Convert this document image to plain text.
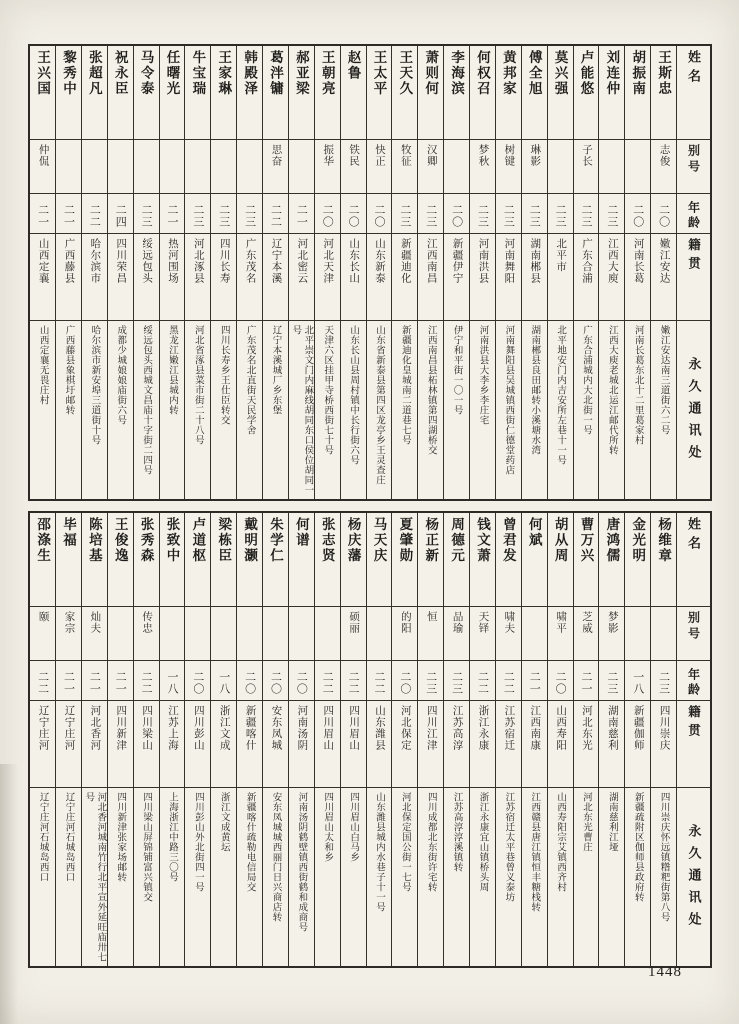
姓名
别号
年龄
籍贯
永久通讯处
王斯忠
志俊
二〇
嫩江安达
嫩江安达南三道街六二号
胡振南
二〇
河南长葛
河南长葛东北十二里葛家村
刘连仲
二三
江西大庾
江西大庾老城北运江邮代所转
卢能悠
子长
二三
广东合浦
广东合浦城内大北街一号
莫兴强
二三
北平市
北平地安门内吉安所左巷十一号
傅全旭
琳影
二三
湖南郴县
湖南郴县良田邮转小溪塘水湾
黄邦家
树键
二三
河南舞阳
河南舞阳县吴城镇西街仁德堂药店
何权召
梦秋
二三
河南洪县
河南洪县大李乡李庄宅
李海滨
二〇
新疆伊宁
伊宁和平街一〇一号
萧则何
汉卿
二三
江西南昌
江西南昌县柘林镇第四湖桥交
王天久
牧征
二三
新疆迪化
新疆迪化皇城南二道巷七号
王太平
快正
二〇
山东新泰
山东省新泰县第四区龙亭乡王灵查庄
赵鲁
铁民
二〇
山东长山
山东长山县周村镇中长行街六号
王朝亮
振华
二〇
河北天津
天津六区挂甲寺桥西街七十号
郝亚梁
二一
河北密云
北平崇文门内麻线胡同东口侯位胡同一号
葛泮镛
思奋
二二
辽宁本溪
辽宁本溪城厂乡东堡
韩殿泽
二三
广东茂名
广东茂名北直街天民学舍
王家琳
二三
四川长寿
四川长寿乡王仕臣转交
牛宝瑞
二三
河北涿县
河北省涿县菜市街二十八号
任曙光
二一
热河围场
黑龙江嫩江县城内转
马令泰
二三
绥远包头
绥远包头西城文昌庙十字街二四号
祝永臣
二四
四川荣昌
成都少城娘娘庙街六号
张超凡
二二
哈尔滨市
哈尔滨市新安埠三道街十号
黎秀中
二一
广西藤县
广西藤县象棋圩邮转
王兴国
仲侃
二一
山西定襄
山西定襄无畏庄村
姓名
别号
年龄
籍贯
永久通讯处
杨维章
二三
四川崇庆
四川崇庆怀远镇糌粑街第八号
金光明
一八
新疆伽师
新疆疏附区伽师县政府转
唐鸿儒
梦影
二三
湖南慈利
湖南慈利江垭
曹万兴
芝威
二一
河北东光
河北东光曹庄
胡从周
啸平
二〇
山西寿阳
山西寿阳宗艾镇西齐村
何斌
二一
江西南康
江西赣县唐江镇恒丰糖栈转
曾君发
啸夫
二二
江苏宿迁
江苏宿迁太平巷曾义泰坊
钱文萧
天铎
二二
浙江永康
浙江永康宜山镇桥头周
周德元
品瑜
二三
江苏高淳
江苏高淳淳溪镇转
杨正新
恒
二三
四川江津
四川成都北东街许宅转
夏肇勋
的阳
二〇
河北保定
河北保定国公街一七号
马天庆
二二
山东潍县
山东潍县城内水巷子十一号
杨庆藩
硕丽
二二
四川眉山
四川眉山白马乡
张志贤
二二
四川眉山
四川眉山太和乡
何谱
二〇
河南汤阴
河南汤阴鹤壁镇西街鹤和成商号
朱学仁
二〇
安东凤城
安东凤城城西丽门日兴商店转
戴明灏
二〇
新疆喀什
新疆喀什疏勒电信局交
梁栋臣
一八
浙江文成
浙江文成黄坛
卢道枢
二〇
四川彭山
四川彭山外北街四一号
张致中
一八
江苏上海
上海浙江中路三〇号
张秀森
传忠
二二
四川梁山
四川梁山屏锦铺富兴镇交
王俊逸
二一
四川新津
四川新津张家场邮转
陈培基
灿夫
二一
河北香河
河北香河城南竹行北平宣外延旺庙卅七号
毕福
家宗
二一
辽宁庄河
辽宁庄河石城岛西口
邵涤生
颐
二二
辽宁庄河
辽宁庄河石城岛西口
1448
